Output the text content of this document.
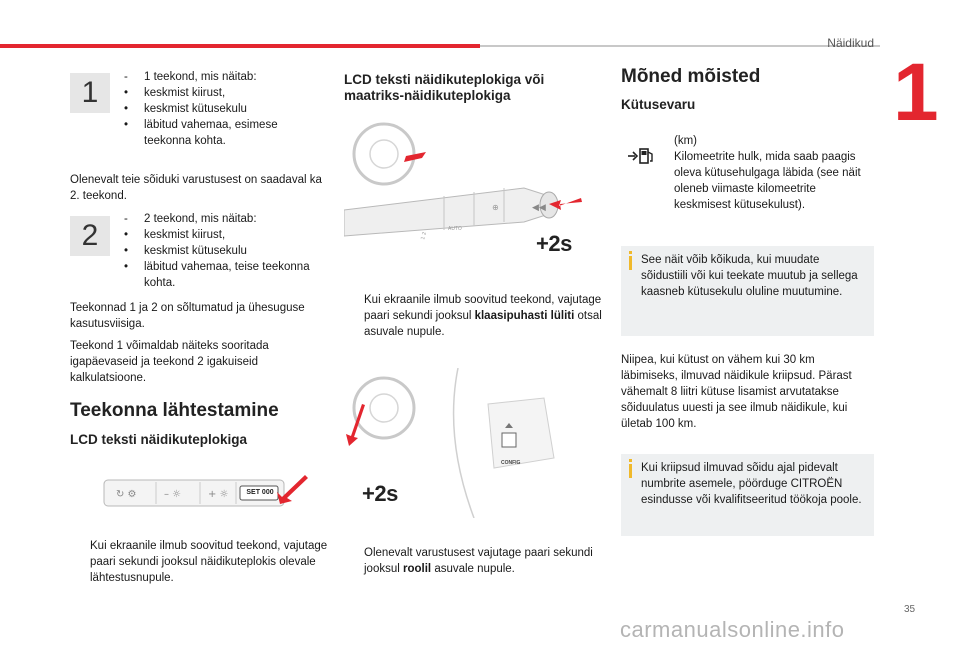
Näidikud
1
1	- 1 teekond, mis näitab:
• keskmist kiirust,
• keskmist kütusekulu
• läbitud vahemaa, esimese teekonna kohta.

Olenevalt teie sõiduki varustusest on saadaval ka 2. teekond.

2	- 2 teekond, mis näitab:
• keskmist kiirust,
• keskmist kütusekulu
• läbitud vahemaa, teise teekonna kohta.

Teekonnad 1 ja 2 on sõltumatud ja ühesuguse kasutusviisiga.

Teekond 1 võimaldab näiteks sooritada igapäevaseid ja teekond 2 igakuiseid kalkulatsioone.

Teekonna lähtestamine
LCD teksti näidikuteplokiga
↻ ⚙	– ☼	+ ☼	SET 000
Kui ekraanile ilmub soovitud teekond, vajutage paari sekundi jooksul näidikuteplokis olevale lähtestusnupule.
LCD teksti näidikuteplokiga või maatriks-näidikuteplokiga
◀◀
⊕
1 2
AUTO
+2s
Kui ekraanile ilmub soovitud teekond, vajutage paari sekundi jooksul klaasipuhasti lüliti otsal asuvale nupule.
CONFIG
+2s
Olenevalt varustusest vajutage paari sekundi jooksul roolil asuvale nupule.
Mõned mõisted
Kütusevaru

(km)

Kilomeetrite hulk, mida saab paagis oleva kütusehulgaga läbida (see näit oleneb viimaste kilomeetrite keskmisest kütusekulust).

See näit võib kõikuda, kui muudate sõidustiili või kui teekate muutub ja sellega kaasneb kütusekulu oluline muutumine.

Niipea, kui kütust on vähem kui 30 km läbimiseks, ilmuvad näidikule kriipsud. Pärast vähemalt 8 liitri kütuse lisamist arvutatakse sõiduulatus uuesti ja see ilmub näidikule, kui ületab 100 km.

Kui kriipsud ilmuvad sõidu ajal pidevalt numbrite asemele, pöörduge CITROËN esindusse või kvalifitseeritud töökoja poole.

35
carmanualsonline.info
